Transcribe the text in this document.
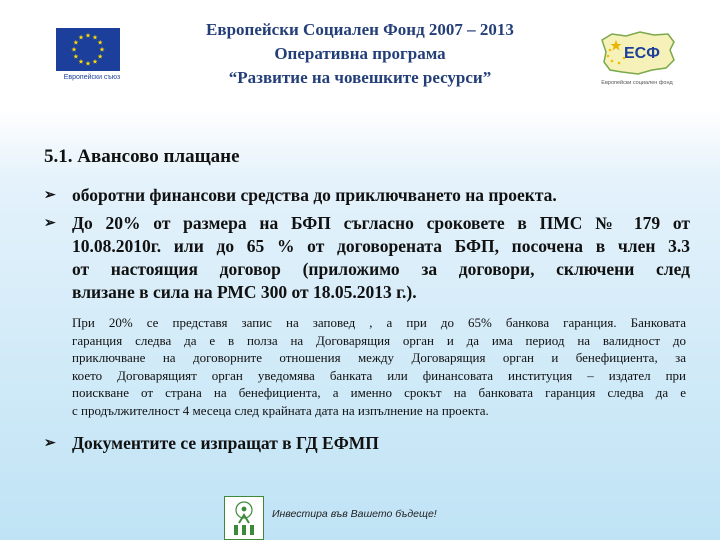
Европейски съюз
Европейски Социален Фонд 2007 – 2013
Оперативна програма
“Развитие на човешките ресурси”
ЕСФ
Европейски социален фонд
5.1. Авансово плащане
➢ оборотни финансови средства до приключването на проекта.
➢ До 20% от размера на БФП съгласно сроковете в ПМС № 179 от
10.08.2010г. или до 65 % от договорената БФП, посочена в член 3.3
от настоящия договор (приложимо за договори, сключени след
влизане в сила на РМС 300 от 18.05.2013 г.).
При 20% се представя запис на заповед , а при до 65% банкова гаранция. Банковата
гаранция следва да е в полза на Договарящия орган и да има период на валидност до
приключване на договорните отношения между Договарящия орган и бенефициента, за
което Договарящият орган уведомява банката или финансовата институция – издател при
поискване от страна на бенефициента, а именно срокът на банковата гаранция следва да е
с продължителност 4 месеца след крайната дата на изпълнение на проекта.
➢ Документите се изпращат в ГД ЕФМП
Инвестира във Вашето бъдеще!
